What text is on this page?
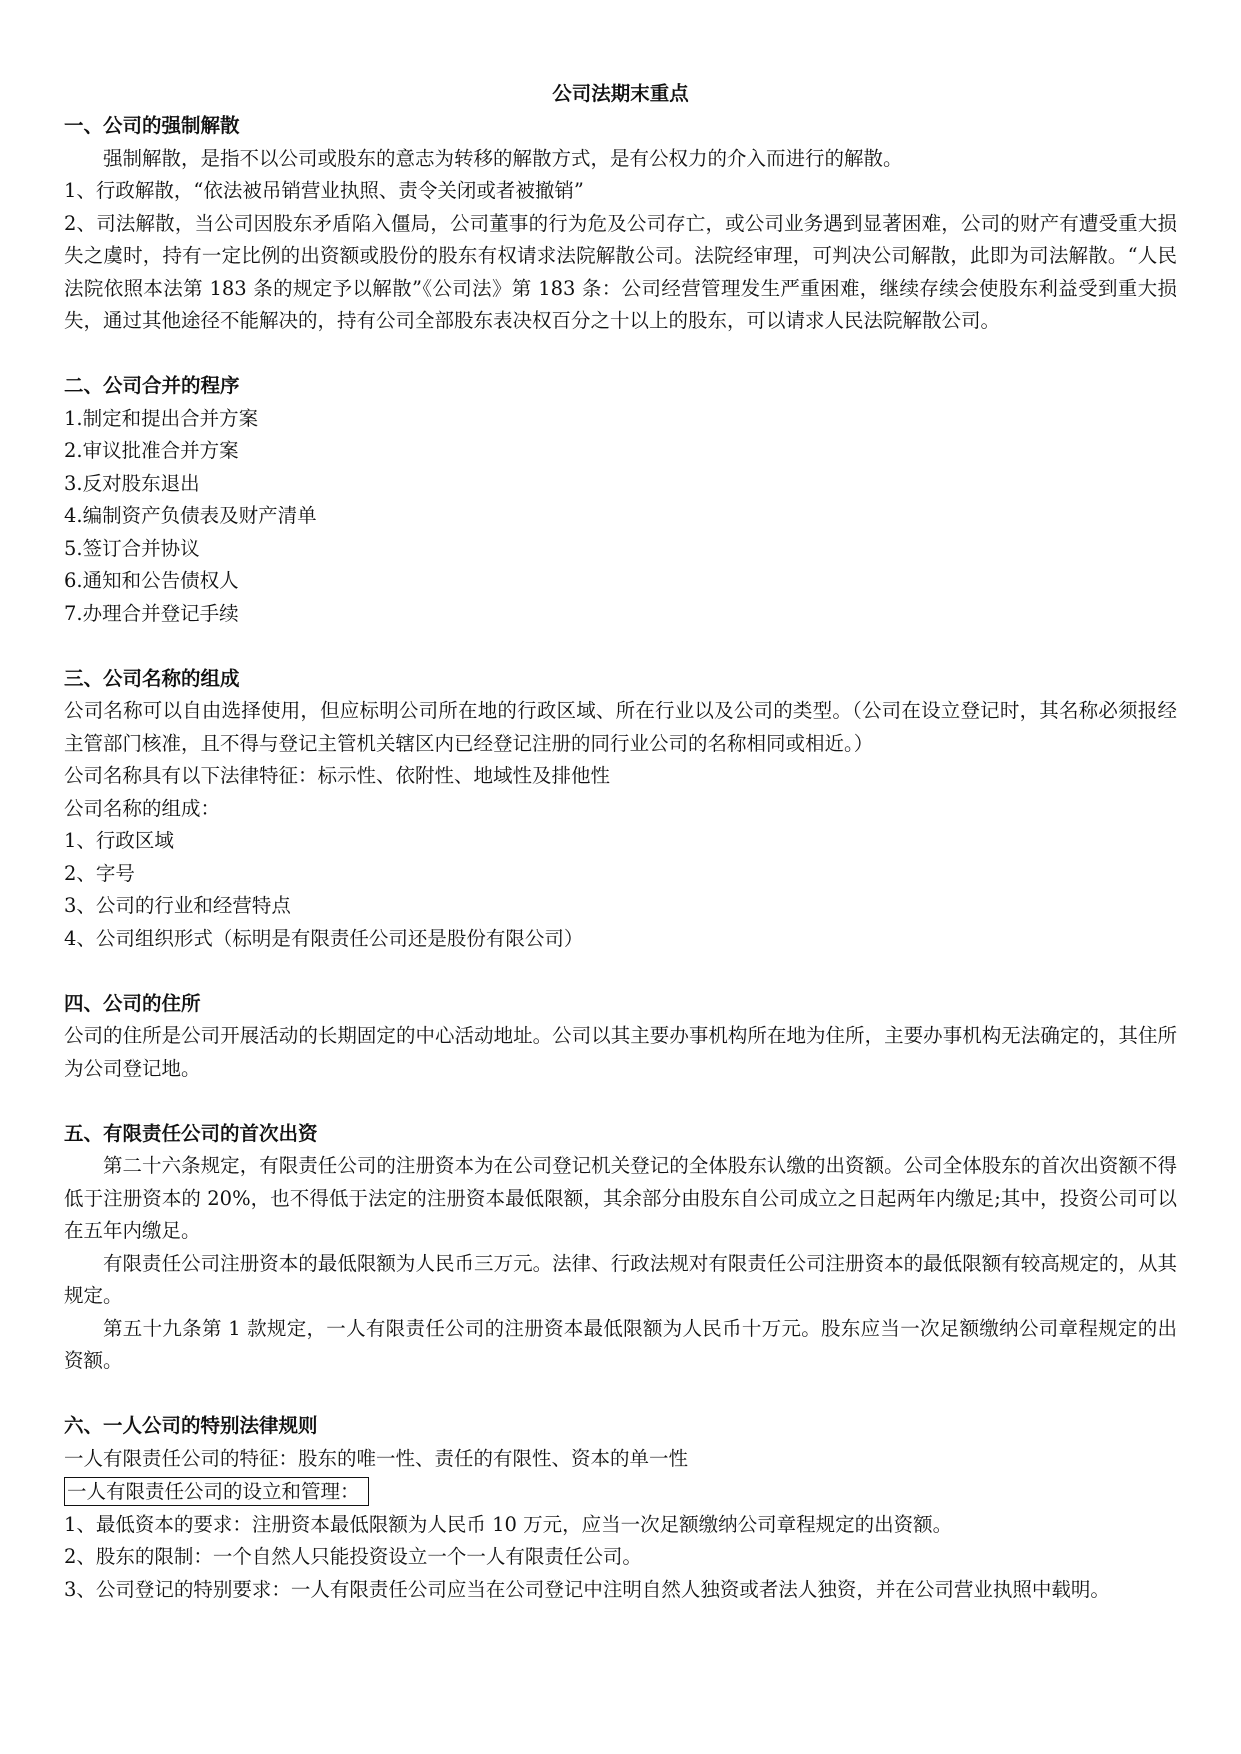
公司法期末重点
一、公司的强制解散
强制解散，是指不以公司或股东的意志为转移的解散方式，是有公权力的介入而进行的解散。
1、行政解散，“依法被吊销营业执照、责令关闭或者被撤销”
2、司法解散，当公司因股东矛盾陷入僵局，公司董事的行为危及公司存亡，或公司业务遇到显著困难，公司的财产有遭受重大损失之虞时，持有一定比例的出资额或股份的股东有权请求法院解散公司。法院经审理，可判决公司解散，此即为司法解散。“人民法院依照本法第 183 条的规定予以解散”《公司法》第 183 条：公司经营管理发生严重困难，继续存续会使股东利益受到重大损失，通过其他途径不能解决的，持有公司全部股东表决权百分之十以上的股东，可以请求人民法院解散公司。
二、公司合并的程序
1.制定和提出合并方案
2.审议批准合并方案
3.反对股东退出
4.编制资产负债表及财产清单
5.签订合并协议
6.通知和公告债权人
7.办理合并登记手续
三、公司名称的组成
公司名称可以自由选择使用，但应标明公司所在地的行政区域、所在行业以及公司的类型。（公司在设立登记时，其名称必须报经主管部门核准，且不得与登记主管机关辖区内已经登记注册的同行业公司的名称相同或相近。）
公司名称具有以下法律特征：标示性、依附性、地域性及排他性
公司名称的组成：
1、行政区域
2、字号
3、公司的行业和经营特点
4、公司组织形式（标明是有限责任公司还是股份有限公司）
四、公司的住所
公司的住所是公司开展活动的长期固定的中心活动地址。公司以其主要办事机构所在地为住所，主要办事机构无法确定的，其住所为公司登记地。
五、有限责任公司的首次出资
第二十六条规定，有限责任公司的注册资本为在公司登记机关登记的全体股东认缴的出资额。公司全体股东的首次出资额不得低于注册资本的 20%，也不得低于法定的注册资本最低限额，其余部分由股东自公司成立之日起两年内缴足;其中，投资公司可以在五年内缴足。
有限责任公司注册资本的最低限额为人民币三万元。法律、行政法规对有限责任公司注册资本的最低限额有较高规定的，从其规定。
第五十九条第 1 款规定，一人有限责任公司的注册资本最低限额为人民币十万元。股东应当一次足额缴纳公司章程规定的出资额。
六、一人公司的特别法律规则
一人有限责任公司的特征：股东的唯一性、责任的有限性、资本的单一性
一人有限责任公司的设立和管理：
1、最低资本的要求：注册资本最低限额为人民币 10 万元，应当一次足额缴纳公司章程规定的出资额。
2、股东的限制：一个自然人只能投资设立一个一人有限责任公司。
3、公司登记的特别要求：一人有限责任公司应当在公司登记中注明自然人独资或者法人独资，并在公司营业执照中载明。
